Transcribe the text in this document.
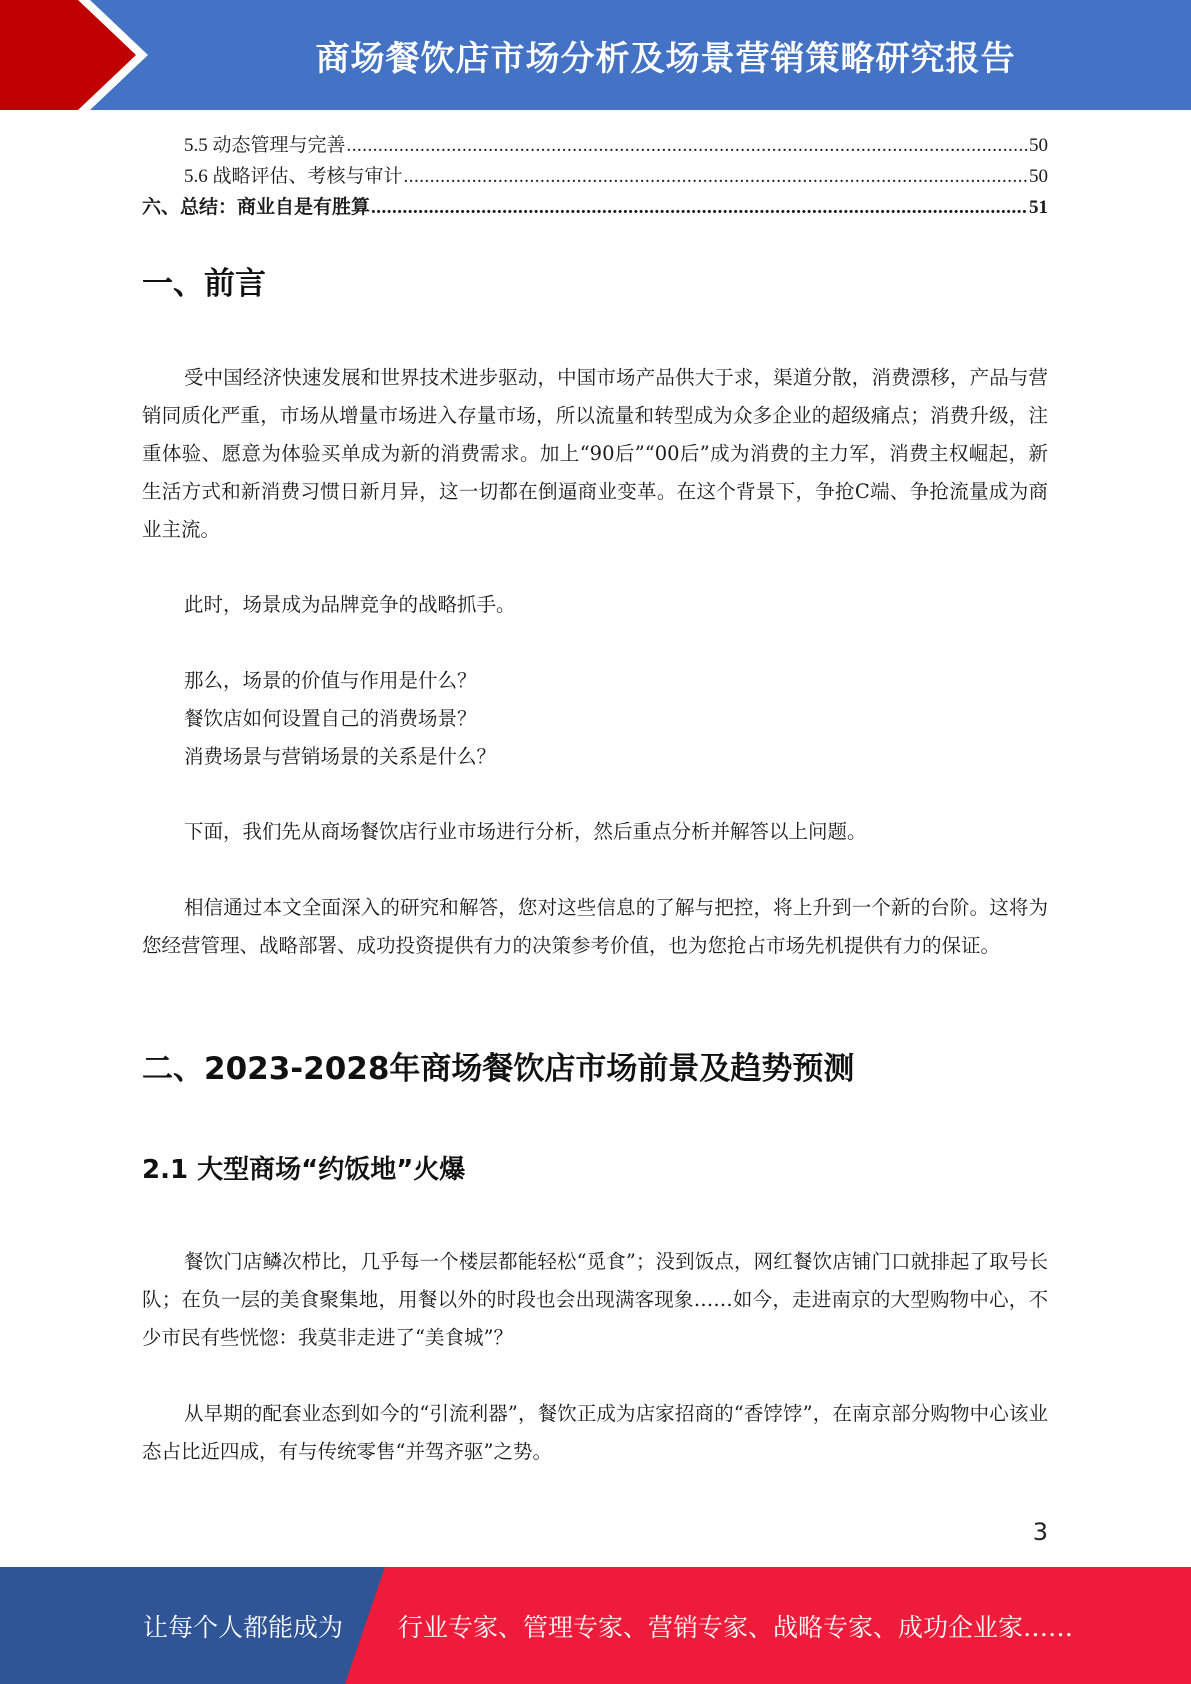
商场餐饮店市场分析及场景营销策略研究报告
5.5 动态管理与完善 .....	50
5.6 战略评估、考核与审计 .....	50
六、总结：商业自是有胜算 .....	51
一、前言

受中国经济快速发展和世界技术进步驱动，中国市场产品供大于求，渠道分散，消费漂移，产品与营销同质化严重，市场从增量市场进入存量市场，所以流量和转型成为众多企业的超级痛点；消费升级，注重体验、愿意为体验买单成为新的消费需求。加上“90后”“00后”成为消费的主力军，消费主权崛起，新生活方式和新消费习惯日新月异，这一切都在倒逼商业变革。在这个背景下，争抢C端、争抢流量成为商业主流。

此时，场景成为品牌竞争的战略抓手。

那么，场景的价值与作用是什么？
餐饮店如何设置自己的消费场景？
消费场景与营销场景的关系是什么？

下面，我们先从商场餐饮店行业市场进行分析，然后重点分析并解答以上问题。

相信通过本文全面深入的研究和解答，您对这些信息的了解与把控，将上升到一个新的台阶。这将为您经营管理、战略部署、成功投资提供有力的决策参考价值，也为您抢占市场先机提供有力的保证。

二、2023-2028年商场餐饮店市场前景及趋势预测
2.1 大型商场“约饭地”火爆

餐饮门店鳞次栉比，几乎每一个楼层都能轻松“觅食”；没到饭点，网红餐饮店铺门口就排起了取号长队；在负一层的美食聚集地，用餐以外的时段也会出现满客现象……如今，走进南京的大型购物中心，不少市民有些恍惚：我莫非走进了“美食城”？

从早期的配套业态到如今的“引流利器”，餐饮正成为店家招商的“香饽饽”，在南京部分购物中心该业态占比近四成，有与传统零售“并驾齐驱”之势。

3
让每个人都能成为 行业专家、管理专家、营销专家、战略专家、成功企业家……
